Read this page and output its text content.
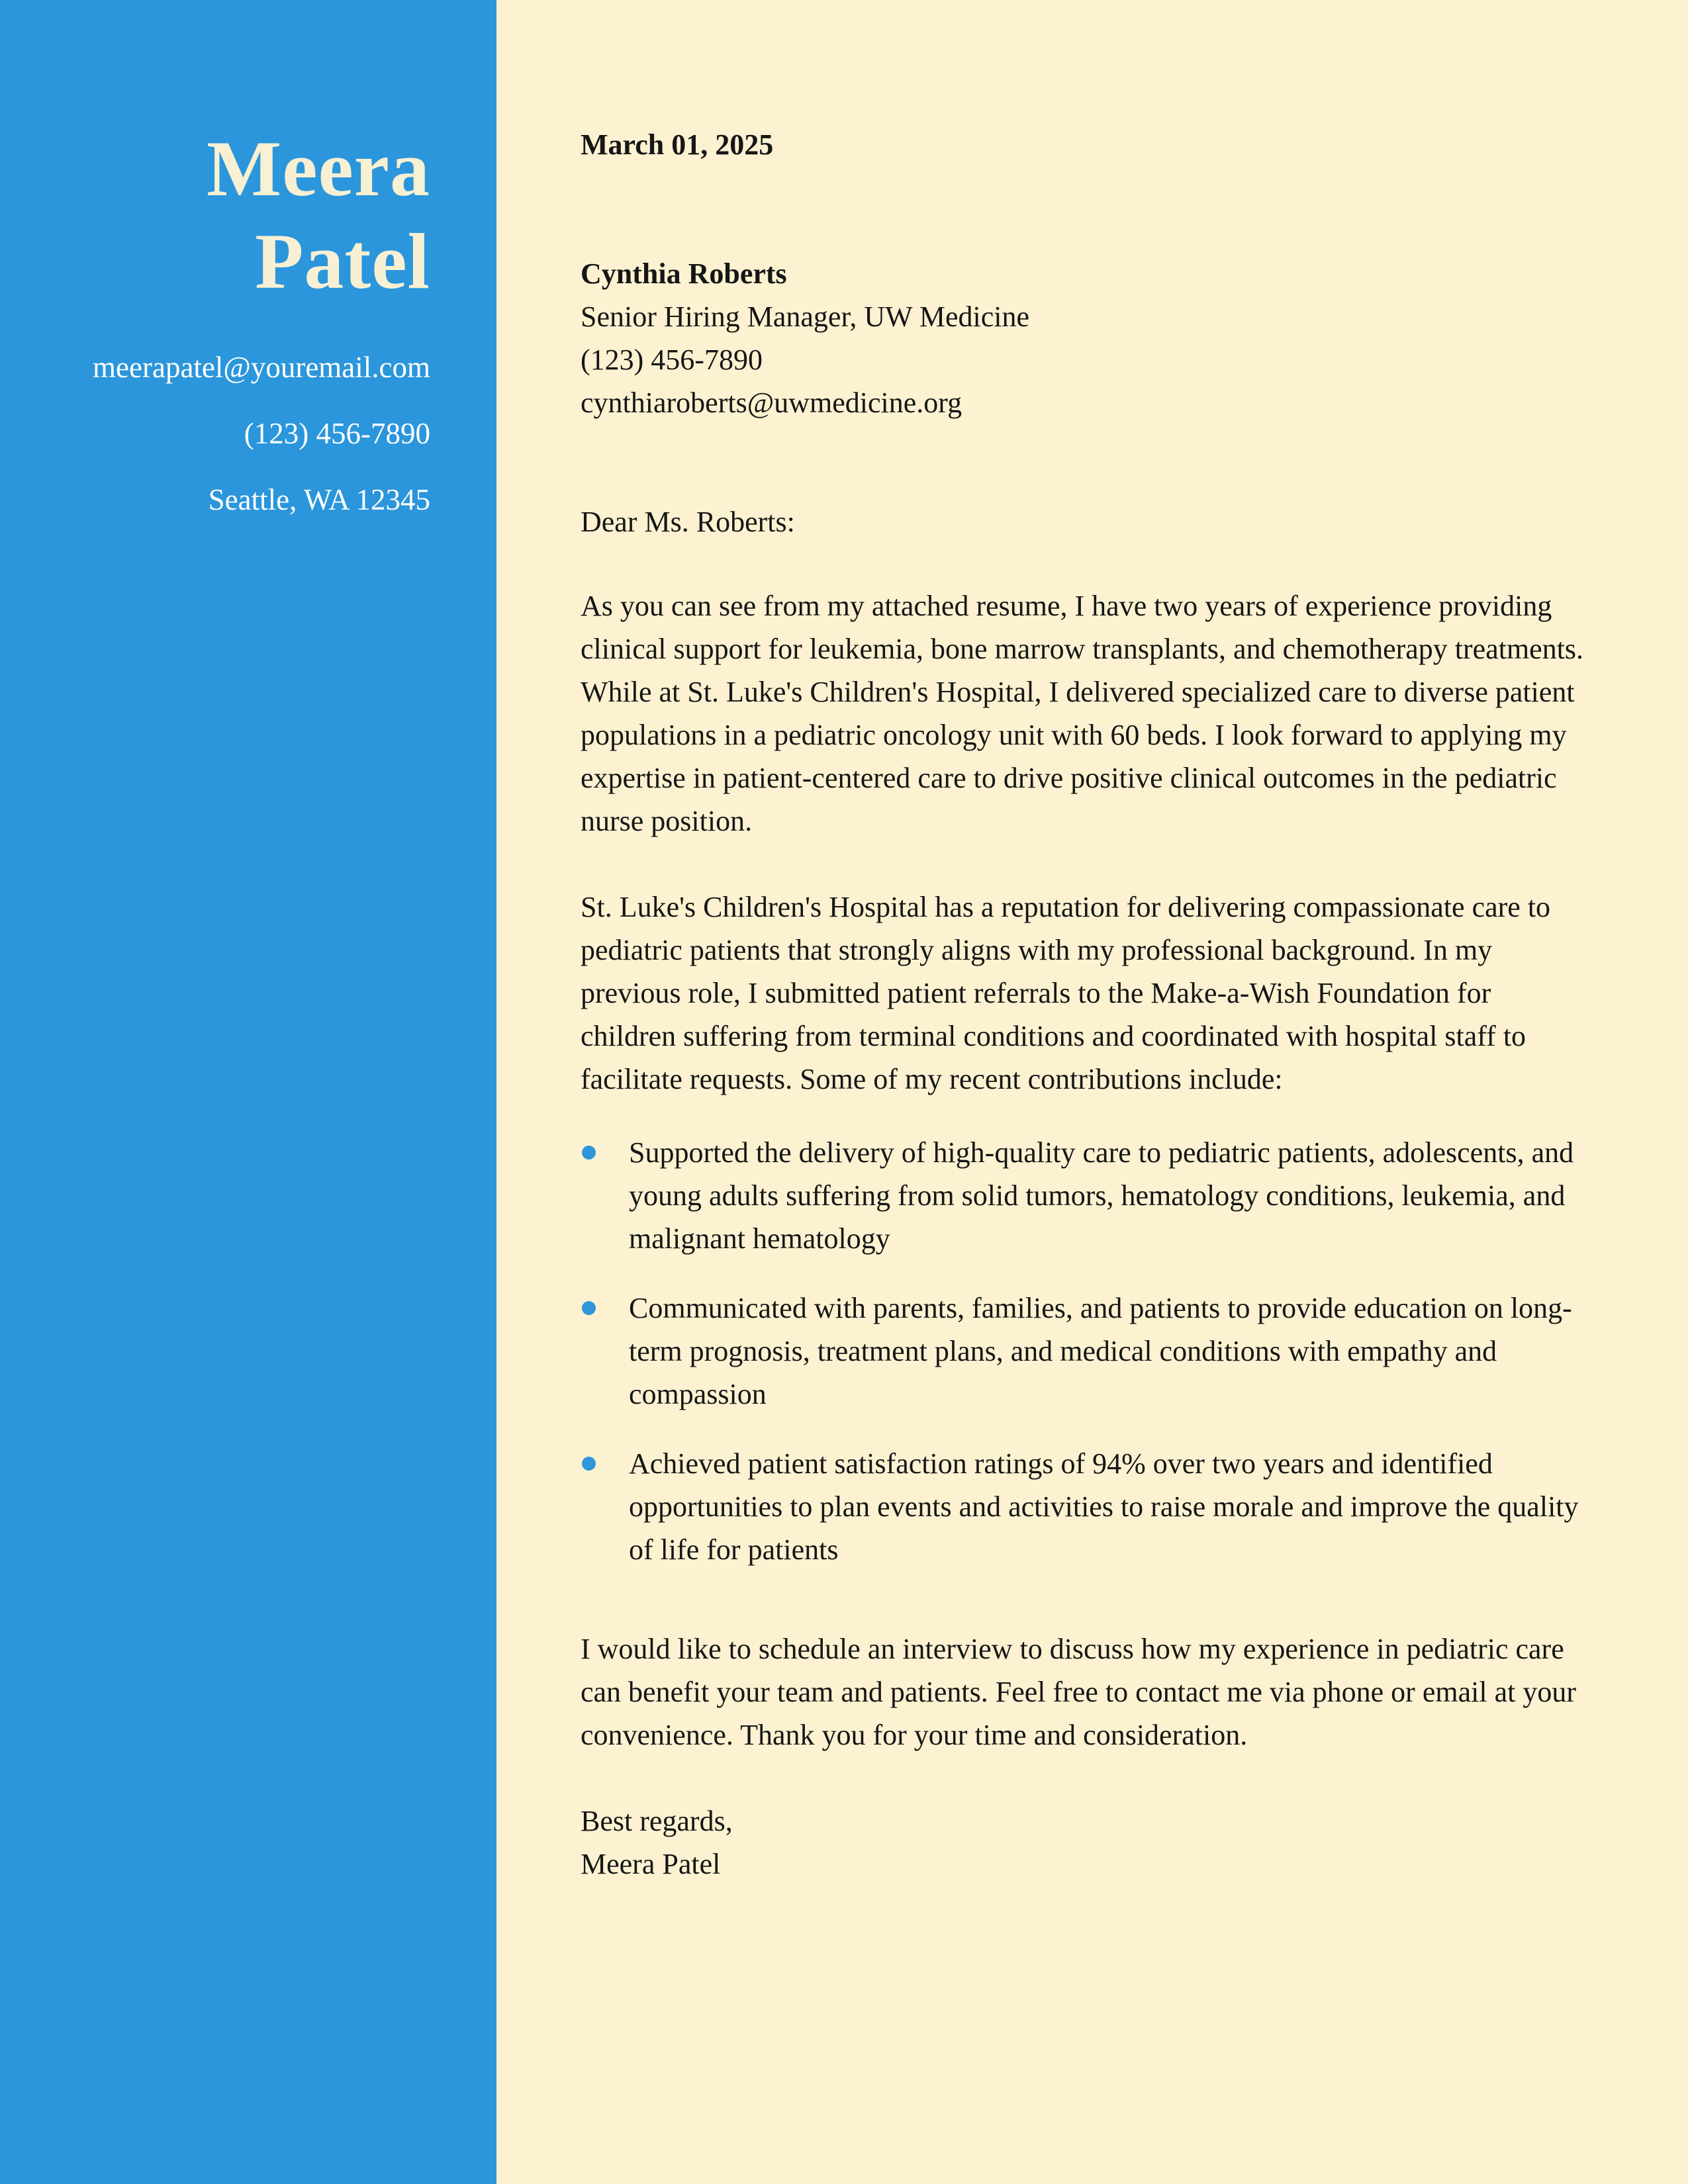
Meera
Patel

meerapatel@youremail.com

(123) 456-7890

Seattle, WA 12345

March 01, 2025

Cynthia Roberts

Senior Hiring Manager, UW Medicine

(123) 456-7890

cynthiaroberts@uwmedicine.org

Dear Ms. Roberts:

As you can see from my attached resume, I have two years of experience providing clinical support for leukemia, bone marrow transplants, and chemotherapy treatments. While at St. Luke's Children's Hospital, I delivered specialized care to diverse patient populations in a pediatric oncology unit with 60 beds. I look forward to applying my expertise in patient-centered care to drive positive clinical outcomes in the pediatric nurse position.

St. Luke's Children's Hospital has a reputation for delivering compassionate care to pediatric patients that strongly aligns with my professional background. In my previous role, I submitted patient referrals to the Make-a-Wish Foundation for children suffering from terminal conditions and coordinated with hospital staff to facilitate requests. Some of my recent contributions include:

Supported the delivery of high-quality care to pediatric patients, adolescents, and young adults suffering from solid tumors, hematology conditions, leukemia, and malignant hematology
Communicated with parents, families, and patients to provide education on long-term prognosis, treatment plans, and medical conditions with empathy and compassion
Achieved patient satisfaction ratings of 94% over two years and identified opportunities to plan events and activities to raise morale and improve the quality of life for patients

I would like to schedule an interview to discuss how my experience in pediatric care can benefit your team and patients. Feel free to contact me via phone or email at your convenience. Thank you for your time and consideration.

Best regards,

Meera Patel
